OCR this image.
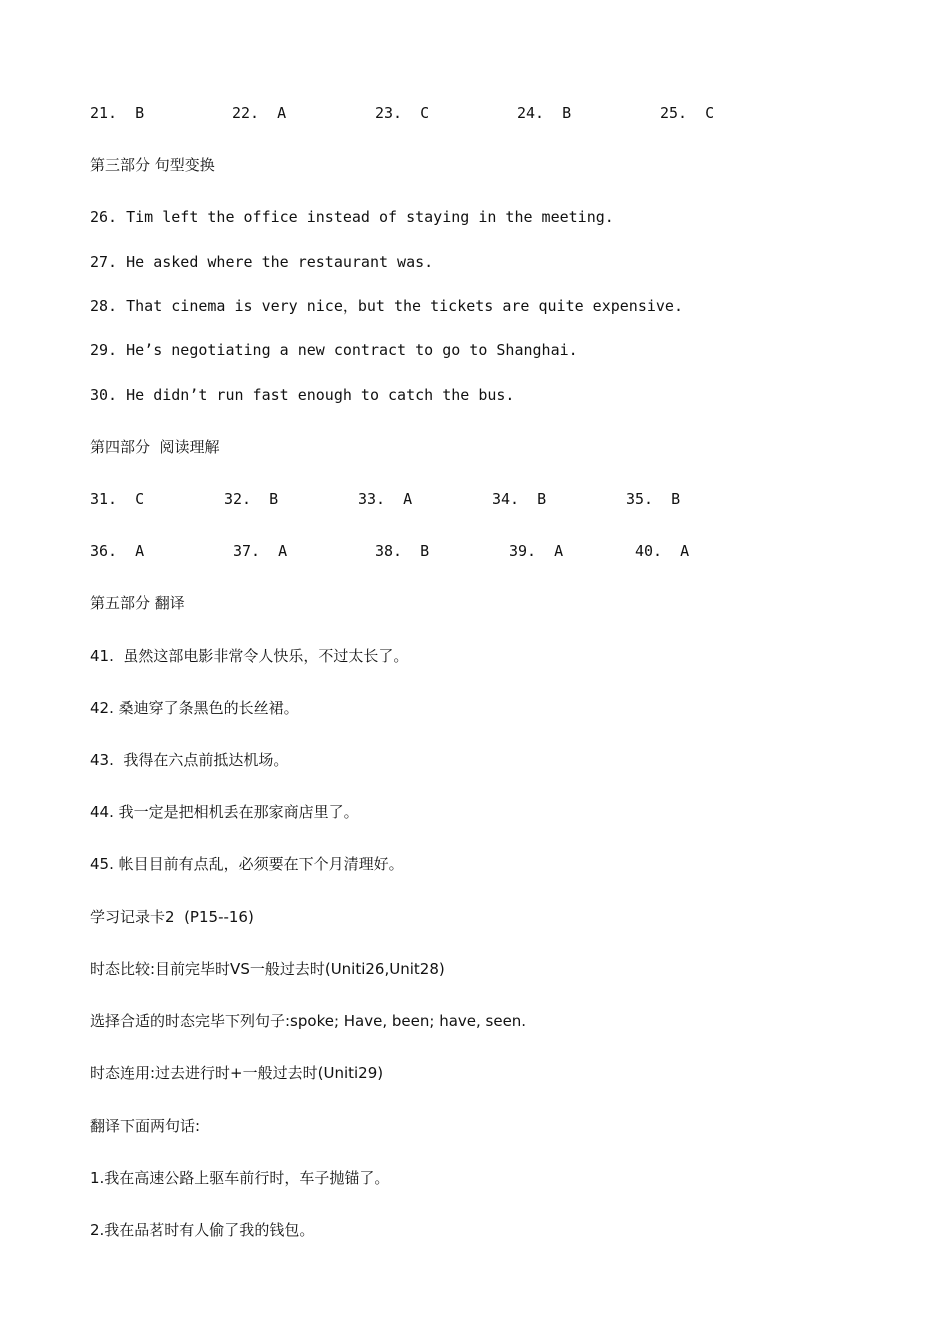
21. B	22. A	23. C	24. B	25. C
第三部分 句型变换
26. Tim left the office instead of staying in the meeting.
27. He asked where the restaurant was.
28. That cinema is very nice，but the tickets are quite expensive.
29. He’s negotiating a new contract to go to Shanghai.
30. He didn’t run fast enough to catch the bus.
第四部分  阅读理解
31. C	32. B	33. A	34. B	35. B
36. A	37. A	38. B	39. A	40. A
第五部分 翻译
41.  虽然这部电影非常令人快乐，不过太长了。
42. 桑迪穿了条黑色的长丝裙。
43.  我得在六点前抵达机场。
44. 我一定是把相机丢在那家商店里了。
45. 帐目目前有点乱，必须要在下个月清理好。
学习记录卡2  (P15--16)
时态比较:目前完毕时VS一般过去时(Uniti26,Unit28)
选择合适的时态完毕下列句子:spoke; Have, been; have, seen.
时态连用:过去进行时+一般过去时(Uniti29)
翻译下面两句话:
1.我在高速公路上驱车前行时，车子抛锚了。
2.我在品茗时有人偷了我的钱包。
